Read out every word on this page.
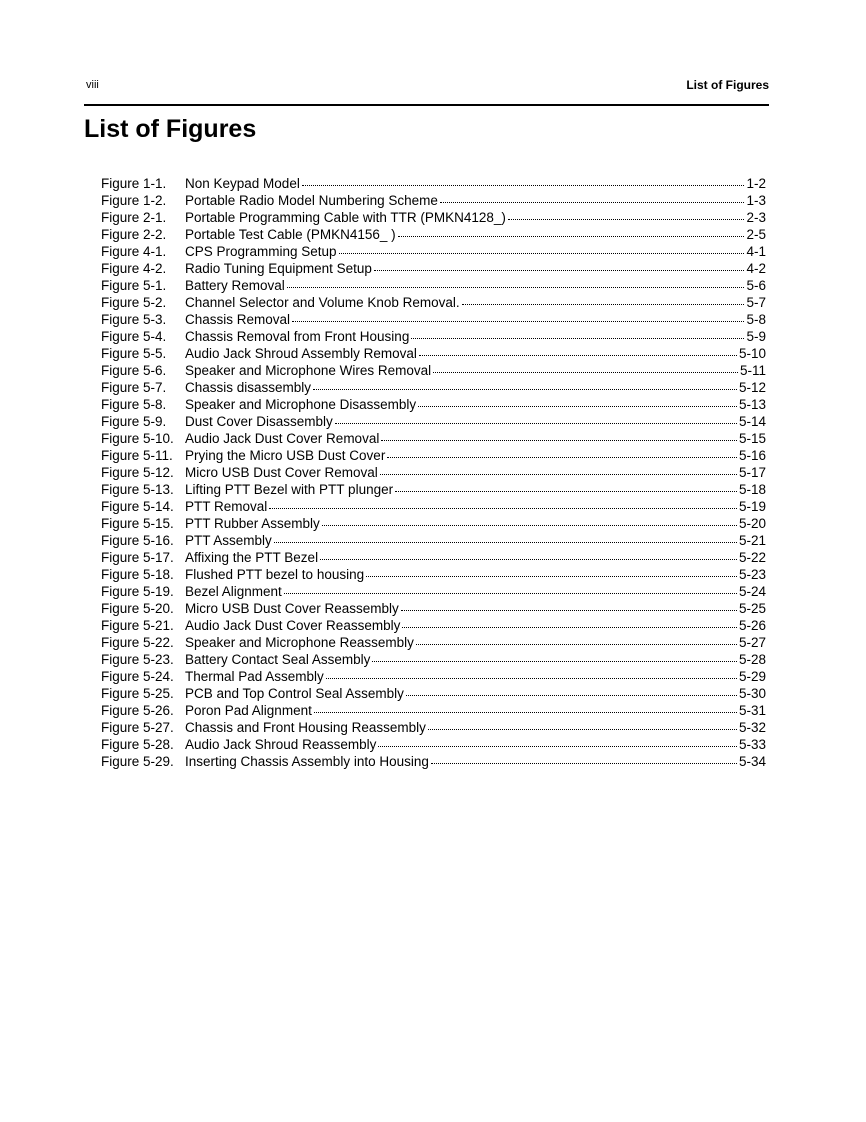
viii	List of Figures
List of Figures
Figure 1-1.	Non Keypad Model	1-2
Figure 1-2.	Portable Radio Model Numbering Scheme	1-3
Figure 2-1.	Portable Programming Cable with TTR (PMKN4128_)	2-3
Figure 2-2.	Portable Test Cable (PMKN4156_ )	2-5
Figure 4-1.	CPS Programming Setup	4-1
Figure 4-2.	Radio Tuning Equipment Setup	4-2
Figure 5-1.	Battery Removal	5-6
Figure 5-2.	Channel Selector and Volume Knob Removal.	5-7
Figure 5-3.	Chassis Removal	5-8
Figure 5-4.	Chassis Removal from Front Housing	5-9
Figure 5-5.	Audio Jack Shroud Assembly Removal	5-10
Figure 5-6.	Speaker and Microphone Wires Removal	5-11
Figure 5-7.	Chassis disassembly	5-12
Figure 5-8.	Speaker and Microphone Disassembly	5-13
Figure 5-9.	Dust Cover Disassembly	5-14
Figure 5-10. Audio Jack Dust Cover Removal	5-15
Figure 5-11. Prying the Micro USB Dust Cover	5-16
Figure 5-12. Micro USB Dust Cover Removal	5-17
Figure 5-13. Lifting PTT Bezel with PTT plunger	5-18
Figure 5-14. PTT Removal	5-19
Figure 5-15. PTT Rubber Assembly	5-20
Figure 5-16. PTT Assembly	5-21
Figure 5-17. Affixing the PTT Bezel	5-22
Figure 5-18. Flushed PTT bezel to housing	5-23
Figure 5-19. Bezel Alignment	5-24
Figure 5-20. Micro USB Dust Cover Reassembly	5-25
Figure 5-21. Audio Jack Dust Cover Reassembly	5-26
Figure 5-22. Speaker and Microphone Reassembly	5-27
Figure 5-23. Battery Contact Seal Assembly	5-28
Figure 5-24. Thermal Pad Assembly	5-29
Figure 5-25. PCB and Top Control Seal Assembly	5-30
Figure 5-26. Poron Pad Alignment	5-31
Figure 5-27. Chassis and Front Housing Reassembly	5-32
Figure 5-28. Audio Jack Shroud Reassembly	5-33
Figure 5-29. Inserting Chassis Assembly into Housing	5-34
